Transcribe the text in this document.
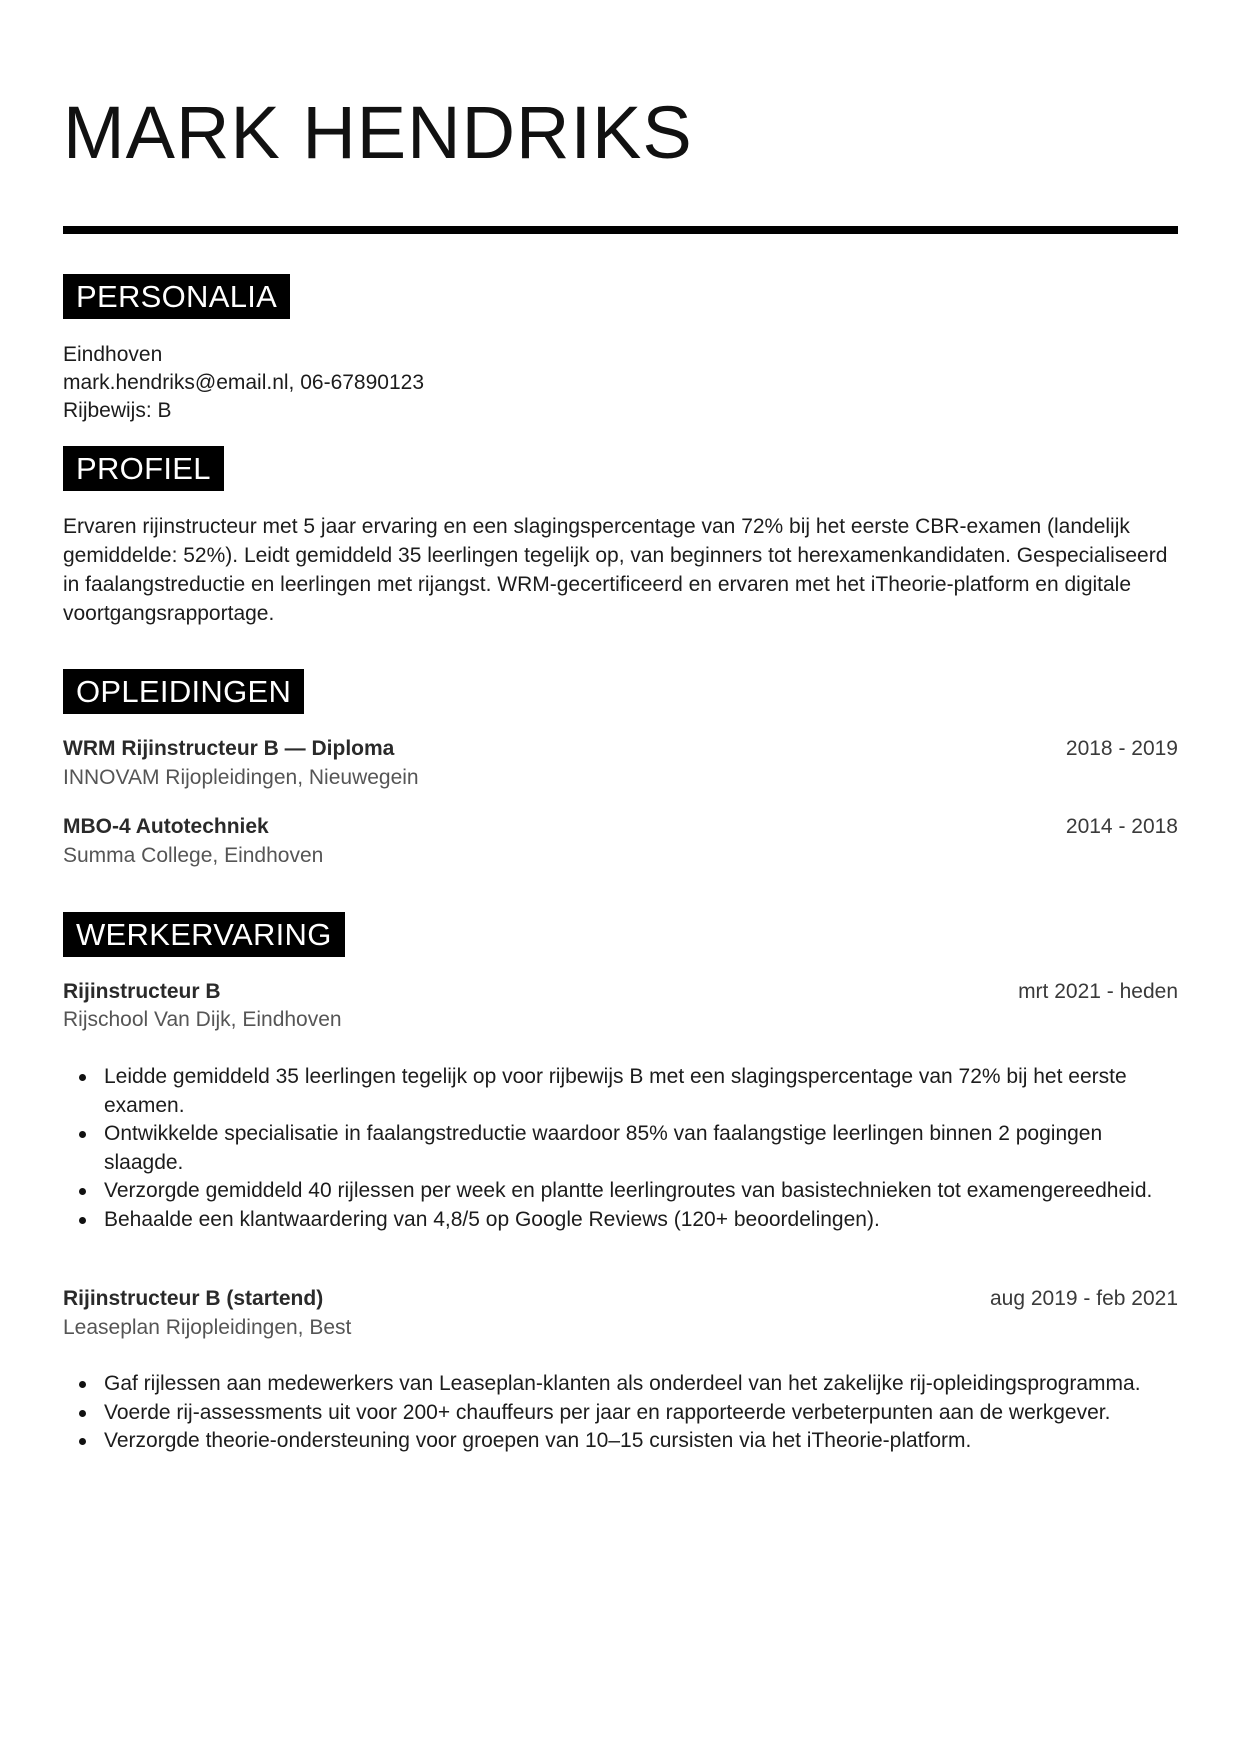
MARK HENDRIKS
PERSONALIA
Eindhoven
mark.hendriks@email.nl, 06-67890123
Rijbewijs: B
PROFIEL
Ervaren rijinstructeur met 5 jaar ervaring en een slagingspercentage van 72% bij het eerste CBR-examen (landelijk gemiddelde: 52%). Leidt gemiddeld 35 leerlingen tegelijk op, van beginners tot herexamenkandidaten. Gespecialiseerd in faalangstreductie en leerlingen met rijangst. WRM-gecertificeerd en ervaren met het iTheorie-platform en digitale voortgangsrapportage.
OPLEIDINGEN
WRM Rijinstructeur B — Diploma	2018 - 2019
INNOVAM Rijopleidingen, Nieuwegein
MBO-4 Autotechniek	2014 - 2018
Summa College, Eindhoven
WERKERVARING
Rijinstructeur B	mrt 2021 - heden
Rijschool Van Dijk, Eindhoven
Leidde gemiddeld 35 leerlingen tegelijk op voor rijbewijs B met een slagingspercentage van 72% bij het eerste examen.
Ontwikkelde specialisatie in faalangstreductie waardoor 85% van faalangstige leerlingen binnen 2 pogingen slaagde.
Verzorgde gemiddeld 40 rijlessen per week en plantte leerlingroutes van basistechnieken tot examengereedheid.
Behaalde een klantwaardering van 4,8/5 op Google Reviews (120+ beoordelingen).
Rijinstructeur B (startend)	aug 2019 - feb 2021
Leaseplan Rijopleidingen, Best
Gaf rijlessen aan medewerkers van Leaseplan-klanten als onderdeel van het zakelijke rij-opleidingsprogramma.
Voerde rij-assessments uit voor 200+ chauffeurs per jaar en rapporteerde verbeterpunten aan de werkgever.
Verzorgde theorie-ondersteuning voor groepen van 10–15 cursisten via het iTheorie-platform.
